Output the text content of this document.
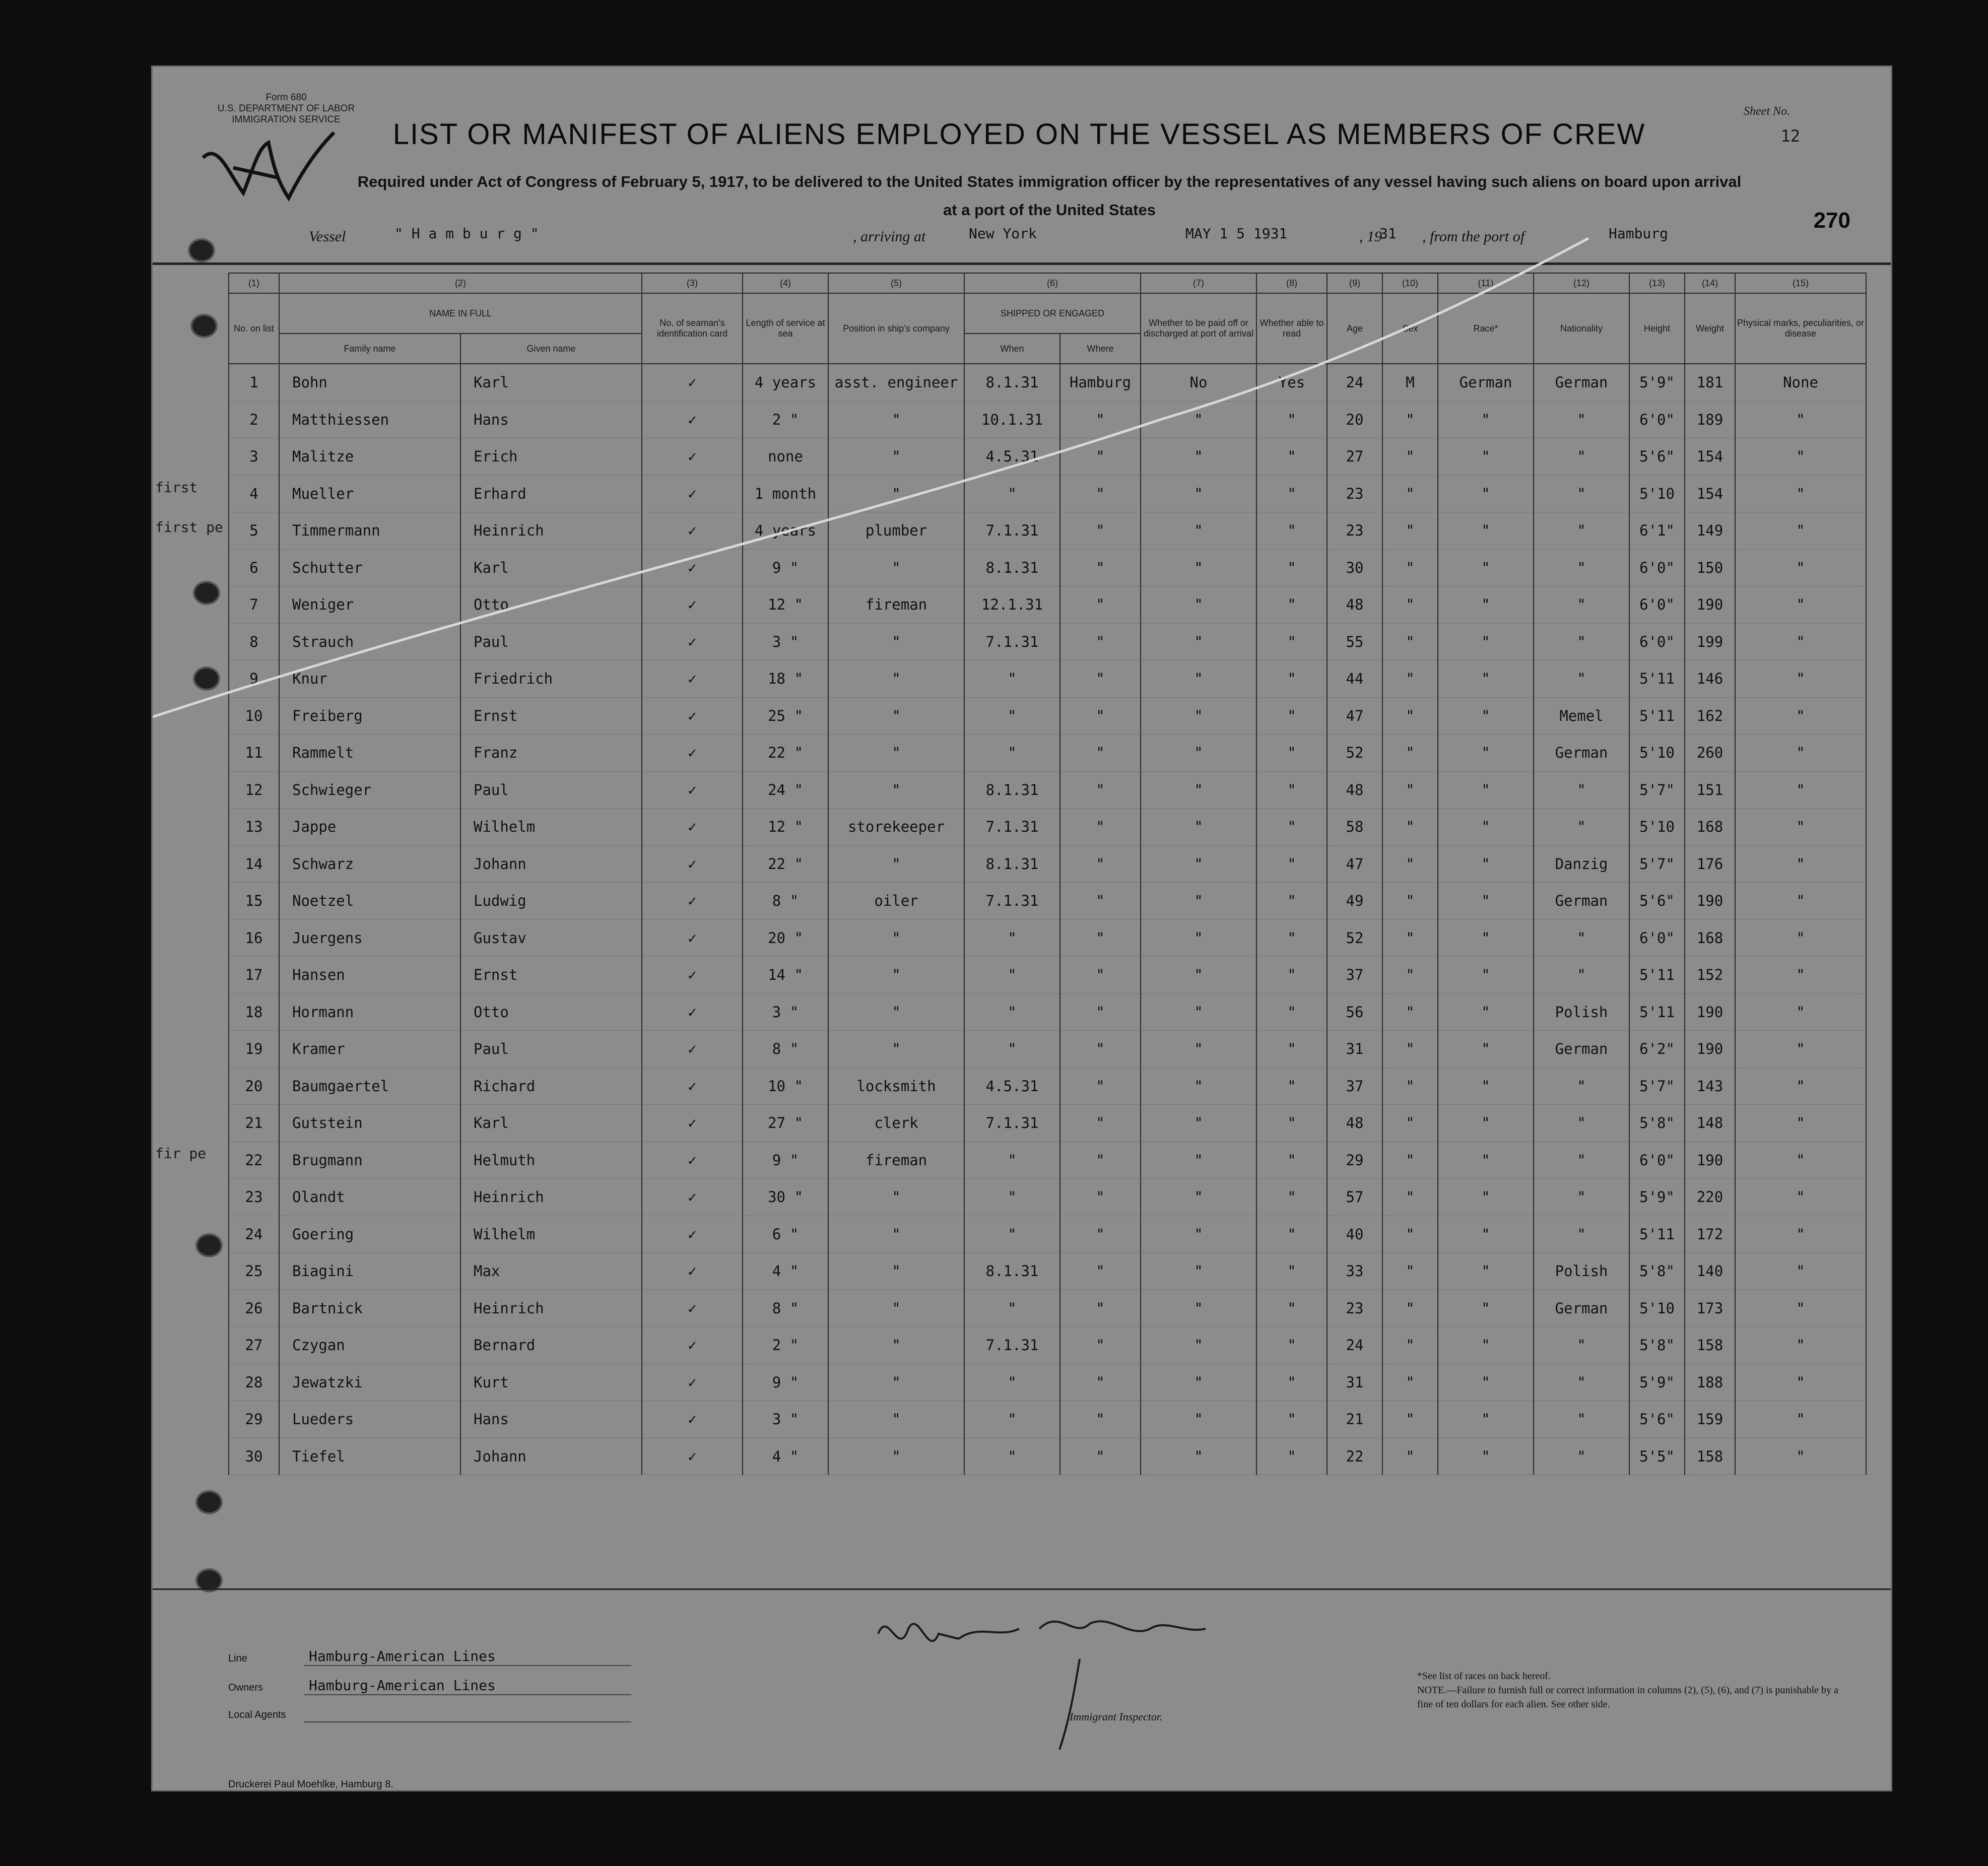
Form 680
U.S. DEPARTMENT OF LABOR
IMMIGRATION SERVICE
Sheet No.
12
LIST OR MANIFEST OF ALIENS EMPLOYED ON THE VESSEL AS MEMBERS OF CREW
Required under Act of Congress of February 5, 1917, to be delivered to the United States immigration officer by the representatives of any vessel having such aliens on board upon arrival
at a port of the United States	270
Vessel	" H a m b u r g "	, arriving at	New York	MAY 1 5 1931	, 19
31 , from the port of	Hamburg
(1)	(2)		(3)	(4)	(5)	(6)		(7)	(8)	(9)	(10)	(11)	(12)	(13)	(14)	(15)
No. on list	NAME IN FULL		No. of seaman's identification card	Length of service at sea	Position in ship's company	SHIPPED OR ENGAGED		Whether to be paid off or discharged at port of arrival	Whether able to read	Age	Sex	Race*	Nationality	Height	Weight	Physical marks, peculiarities, or disease
	Family name	Given name				When	Where									
1	Bohn	Karl	✓	4 years	asst. engineer	8.1.31	Hamburg	No	Yes	24	M	German	German	5'9"	181	None
2	Matthiessen	Hans	✓	2 "	"	10.1.31	"	"	"	20	"	"	"	6'0"	189	"
3	Malitze	Erich	✓	none	"	4.5.31	"	"	"	27	"	"	"	5'6"	154	"
4	Mueller	Erhard	✓	1 month	"	"	"	"	"	23	"	"	"	5'10	154	"
5	Timmermann	Heinrich	✓	4 years	plumber	7.1.31	"	"	"	23	"	"	"	6'1"	149	"
6	Schutter	Karl	✓	9 "	"	8.1.31	"	"	"	30	"	"	"	6'0"	150	"
7	Weniger	Otto	✓	12 "	fireman	12.1.31	"	"	"	48	"	"	"	6'0"	190	"
8	Strauch	Paul	✓	3 "	"	7.1.31	"	"	"	55	"	"	"	6'0"	199	"
9	Knur	Friedrich	✓	18 "	"	"	"	"	"	44	"	"	"	5'11	146	"
10	Freiberg	Ernst	✓	25 "	"	"	"	"	"	47	"	"	Memel	5'11	162	"
11	Rammelt	Franz	✓	22 "	"	"	"	"	"	52	"	"	German	5'10	260	"
12	Schwieger	Paul	✓	24 "	"	8.1.31	"	"	"	48	"	"	"	5'7"	151	"
13	Jappe	Wilhelm	✓	12 "	storekeeper	7.1.31	"	"	"	58	"	"	"	5'10	168	"
14	Schwarz	Johann	✓	22 "	"	8.1.31	"	"	"	47	"	"	Danzig	5'7"	176	"
15	Noetzel	Ludwig	✓	8 "	oiler	7.1.31	"	"	"	49	"	"	German	5'6"	190	"
16	Juergens	Gustav	✓	20 "	"	"	"	"	"	52	"	"	"	6'0"	168	"
17	Hansen	Ernst	✓	14 "	"	"	"	"	"	37	"	"	"	5'11	152	"
18	Hormann	Otto	✓	3 "	"	"	"	"	"	56	"	"	Polish	5'11	190	"
19	Kramer	Paul	✓	8 "	"	"	"	"	"	31	"	"	German	6'2"	190	"
20	Baumgaertel	Richard	✓	10 "	locksmith	4.5.31	"	"	"	37	"	"	"	5'7"	143	"
21	Gutstein	Karl	✓	27 "	clerk	7.1.31	"	"	"	48	"	"	"	5'8"	148	"
22	Brugmann	Helmuth	✓	9 "	fireman	"	"	"	"	29	"	"	"	6'0"	190	"
23	Olandt	Heinrich	✓	30 "	"	"	"	"	"	57	"	"	"	5'9"	220	"
24	Goering	Wilhelm	✓	6 "	"	"	"	"	"	40	"	"	"	5'11	172	"
25	Biagini	Max	✓	4 "	"	8.1.31	"	"	"	33	"	"	Polish	5'8"	140	"
26	Bartnick	Heinrich	✓	8 "	"	"	"	"	"	23	"	"	German	5'10	173	"
27	Czygan	Bernard	✓	2 "	"	7.1.31	"	"	"	24	"	"	"	5'8"	158	"
28	Jewatzki	Kurt	✓	9 "	"	"	"	"	"	31	"	"	"	5'9"	188	"
29	Lueders	Hans	✓	3 "	"	"	"	"	"	21	"	"	"	5'6"	159	"
30	Tiefel	Johann	✓	4 "	"	"	"	"	"	22	"	"	"	5'5"	158	"
first
first pe
fir pe
Line	Hamburg-American Lines
Owners	Hamburg-American Lines
Local Agents	Immigrant Inspector.
*See list of races on back hereof.
NOTE.—Failure to furnish full or correct information in columns (2), (5), (6), and (7) is punishable by a fine of ten dollars for each alien. See other side.
Druckerei Paul Moehlke, Hamburg 8.
